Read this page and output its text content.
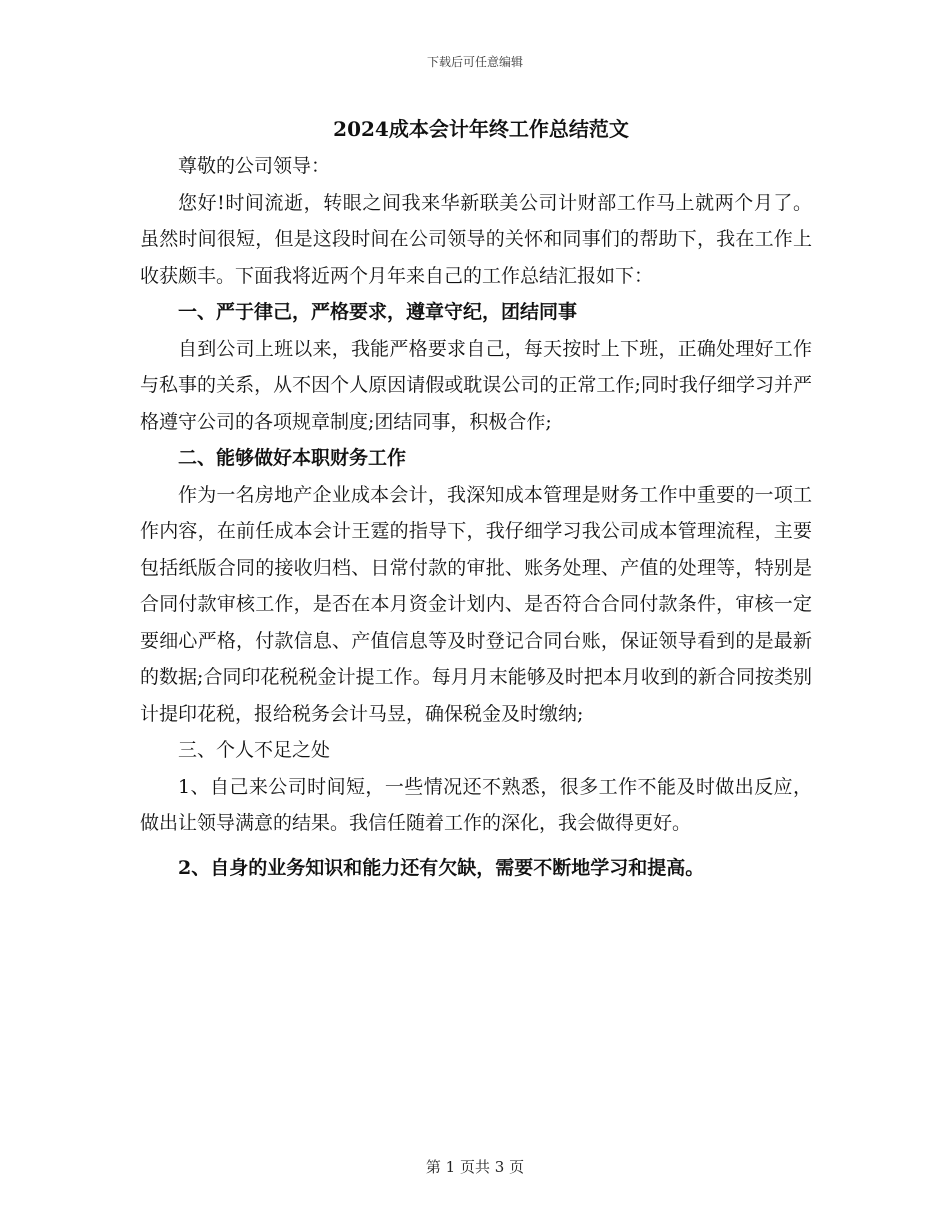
下载后可任意编辑
2024成本会计年终工作总结范文

尊敬的公司领导：

您好!时间流逝，转眼之间我来华新联美公司计财部工作马上就两个月了。虽然时间很短，但是这段时间在公司领导的关怀和同事们的帮助下，我在工作上收获颇丰。下面我将近两个月年来自己的工作总结汇报如下：

一、严于律己，严格要求，遵章守纪，团结同事

自到公司上班以来，我能严格要求自己，每天按时上下班，正确处理好工作与私事的关系，从不因个人原因请假或耽误公司的正常工作;同时我仔细学习并严格遵守公司的各项规章制度;团结同事，积极合作;

二、能够做好本职财务工作

作为一名房地产企业成本会计，我深知成本管理是财务工作中重要的一项工作内容，在前任成本会计王霆的指导下，我仔细学习我公司成本管理流程，主要包括纸版合同的接收归档、日常付款的审批、账务处理、产值的处理等，特别是合同付款审核工作，是否在本月资金计划内、是否符合合同付款条件，审核一定要细心严格，付款信息、产值信息等及时登记合同台账，保证领导看到的是最新的数据;合同印花税税金计提工作。每月月末能够及时把本月收到的新合同按类别计提印花税，报给税务会计马昱，确保税金及时缴纳;

三、个人不足之处

1、自己来公司时间短，一些情况还不熟悉，很多工作不能及时做出反应，做出让领导满意的结果。我信任随着工作的深化，我会做得更好。

2、自身的业务知识和能力还有欠缺，需要不断地学习和提高。

第 1 页共 3 页
